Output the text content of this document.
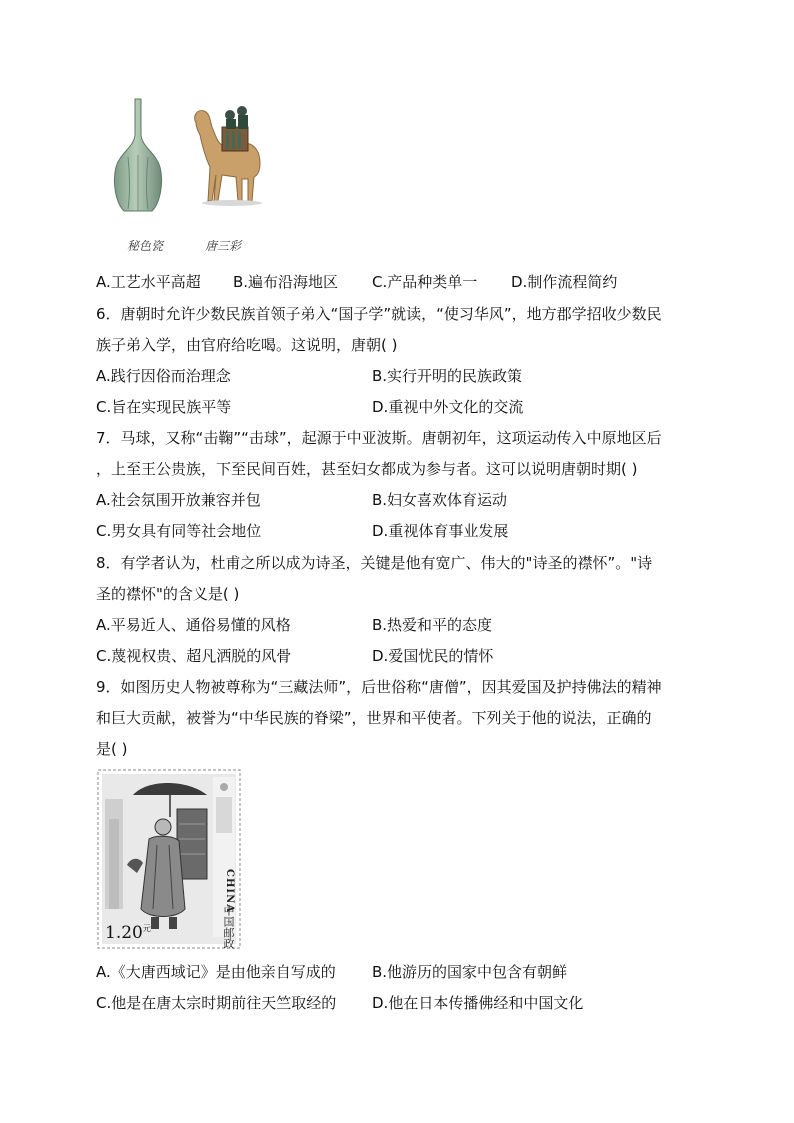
秘色瓷	唐三彩
A.工艺水平高超 B.遍布沿海地区 C.产品种类单一 D.制作流程简约
6．唐朝时允许少数民族首领子弟入“国子学”就读，“使习华风”，地方郡学招收少数民
族子弟入学，由官府给吃喝。这说明，唐朝( )
A.践行因俗而治理念	B.实行开明的民族政策
C.旨在实现民族平等	D.重视中外文化的交流
7．马球，又称“击鞠”“击球”，起源于中亚波斯。唐朝初年，这项运动传入中原地区后
，上至王公贵族，下至民间百姓，甚至妇女都成为参与者。这可以说明唐朝时期( )
A.社会氛围开放兼容并包	B.妇女喜欢体育运动
C.男女具有同等社会地位	D.重视体育事业发展
8．有学者认为，杜甫之所以成为诗圣，关键是他有宽广、伟大的"诗圣的襟怀”。"诗
圣的襟怀"的含义是( )
A.平易近人、通俗易懂的风格	B.热爱和平的态度
C.蔑视权贵、超凡洒脱的风骨	D.爱国忧民的情怀
9．如图历史人物被尊称为“三藏法师”，后世俗称“唐僧”，因其爱国及护持佛法的精神
和巨大贡献，被誉为“中华民族的脊梁”，世界和平使者。下列关于他的说法，正确的
是( )
CHINA
中国邮政
$1.20^元$
A.《大唐西域记》是由他亲自写成的 B.他游历的国家中包含有朝鲜
C.他是在唐太宗时期前往天竺取经的 D.他在日本传播佛经和中国文化
